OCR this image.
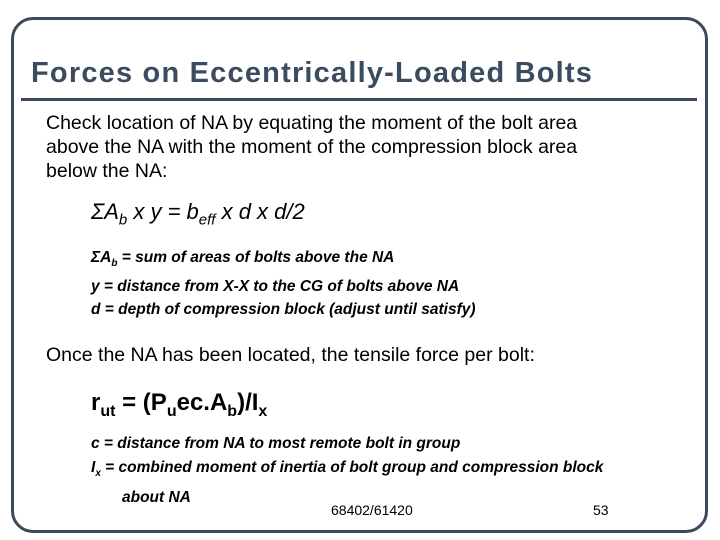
Forces on Eccentrically-Loaded Bolts
Check location of NA by equating the moment of the bolt area
above the NA with the moment of the compression block area
below the NA:
$\Sigma A_b$ x $y = b_{eff}$ x d x d/2
$\Sigma A_b$ = sum of areas of bolts above the NA
y = distance from X-X to the CG of bolts above NA
d = depth of compression block (adjust until satisfy)
Once the NA has been located, the tensile force per bolt:
$r_{ut} = (P_uec.A_b)/I_x$
c = distance from NA to most remote bolt in group
$I_x$ = combined moment of inertia of bolt group and compression block
about NA
68402/61420	53
